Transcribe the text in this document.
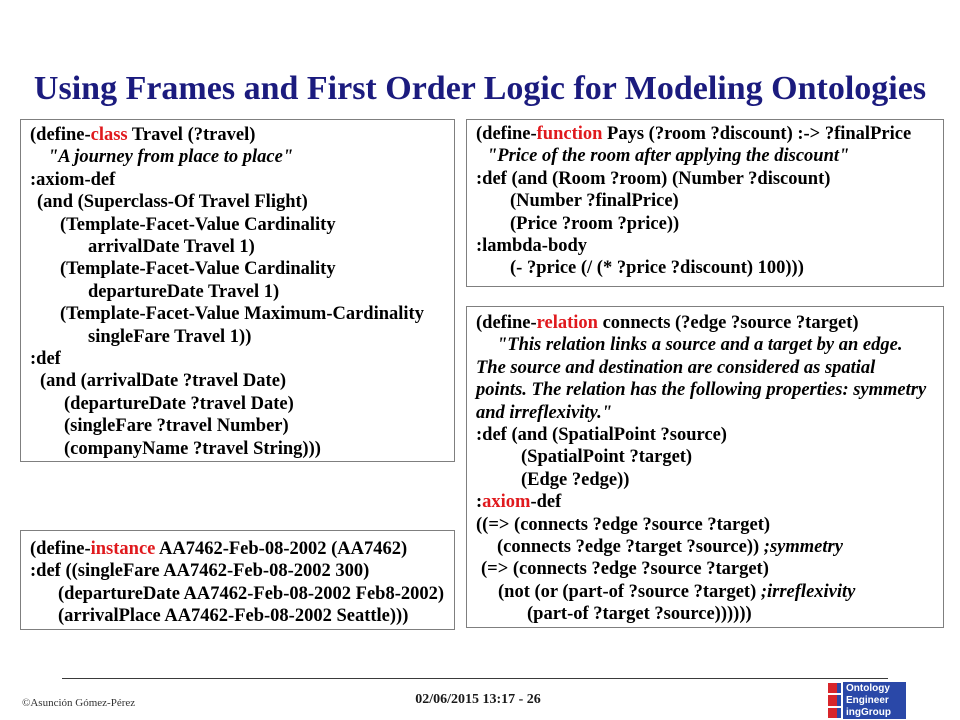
Using Frames and First Order Logic for Modeling Ontologies
(define-class Travel (?travel)
"A journey from place to place"
:axiom-def
(and (Superclass-Of Travel Flight)
(Template-Facet-Value Cardinality
arrivalDate Travel 1)
(Template-Facet-Value Cardinality
departureDate Travel 1)
(Template-Facet-Value Maximum-Cardinality
singleFare Travel 1))
:def
(and (arrivalDate ?travel Date)
(departureDate ?travel Date)
(singleFare ?travel Number)
(companyName ?travel String)))
(define-function Pays (?room ?discount) :-> ?finalPrice
"Price of the room after applying the discount"
:def (and (Room ?room) (Number ?discount)
(Number ?finalPrice)
(Price ?room ?price))
:lambda-body
(- ?price (/ (* ?price ?discount) 100)))
(define-relation connects (?edge ?source ?target)
"This relation links a source and a target by an edge.
The source and destination are considered as spatial
points. The relation has the following properties: symmetry
and irreflexivity."
:def (and (SpatialPoint ?source)
(SpatialPoint ?target)
(Edge ?edge))
:axiom-def
((=> (connects ?edge ?source ?target)
(connects ?edge ?target ?source)) ;symmetry
(=> (connects ?edge ?source ?target)
(not (or (part-of ?source ?target) ;irreflexivity
(part-of ?target ?source))))))
(define-instance AA7462-Feb-08-2002 (AA7462)
:def ((singleFare AA7462-Feb-08-2002 300)
(departureDate AA7462-Feb-08-2002 Feb8-2002)
(arrivalPlace AA7462-Feb-08-2002 Seattle)))
©Asunción Gómez-Pérez	02/06/2015 13:17 - 26
Ontology
Engineer
ingGroup
